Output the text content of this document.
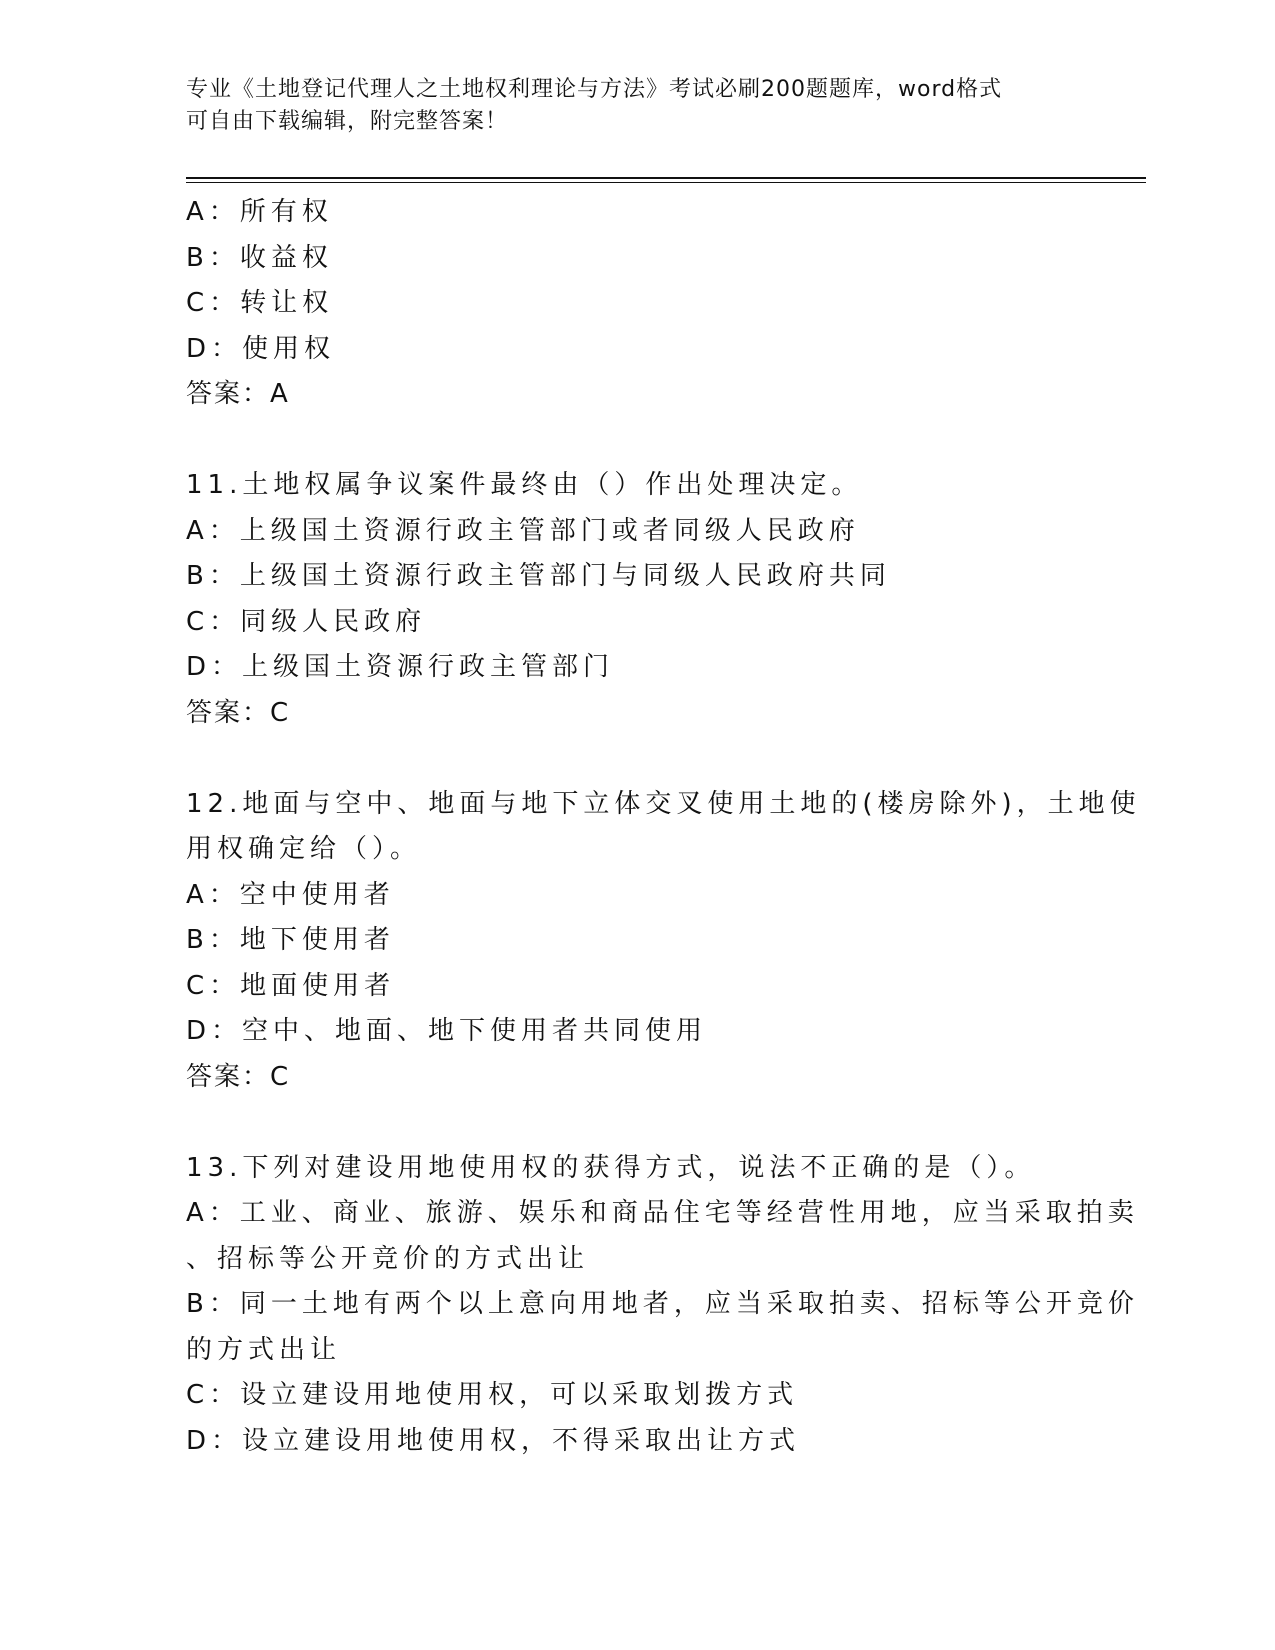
专业《土地登记代理人之土地权利理论与方法》考试必刷200题题库，word格式
可自由下载编辑，附完整答案！
A：所有权
B：收益权
C：转让权
D：使用权
答案：A
11.土地权属争议案件最终由（）作出处理决定。
A：上级国土资源行政主管部门或者同级人民政府
B：上级国土资源行政主管部门与同级人民政府共同
C：同级人民政府
D：上级国土资源行政主管部门
答案：C
12.地面与空中、地面与地下立体交叉使用土地的(楼房除外)，土地使
用权确定给（）。
A：空中使用者
B：地下使用者
C：地面使用者
D：空中、地面、地下使用者共同使用
答案：C
13.下列对建设用地使用权的获得方式，说法不正确的是（）。
A：工业、商业、旅游、娱乐和商品住宅等经营性用地，应当采取拍卖
、招标等公开竞价的方式出让
B：同一土地有两个以上意向用地者，应当采取拍卖、招标等公开竞价
的方式出让
C：设立建设用地使用权，可以采取划拨方式
D：设立建设用地使用权，不得采取出让方式
